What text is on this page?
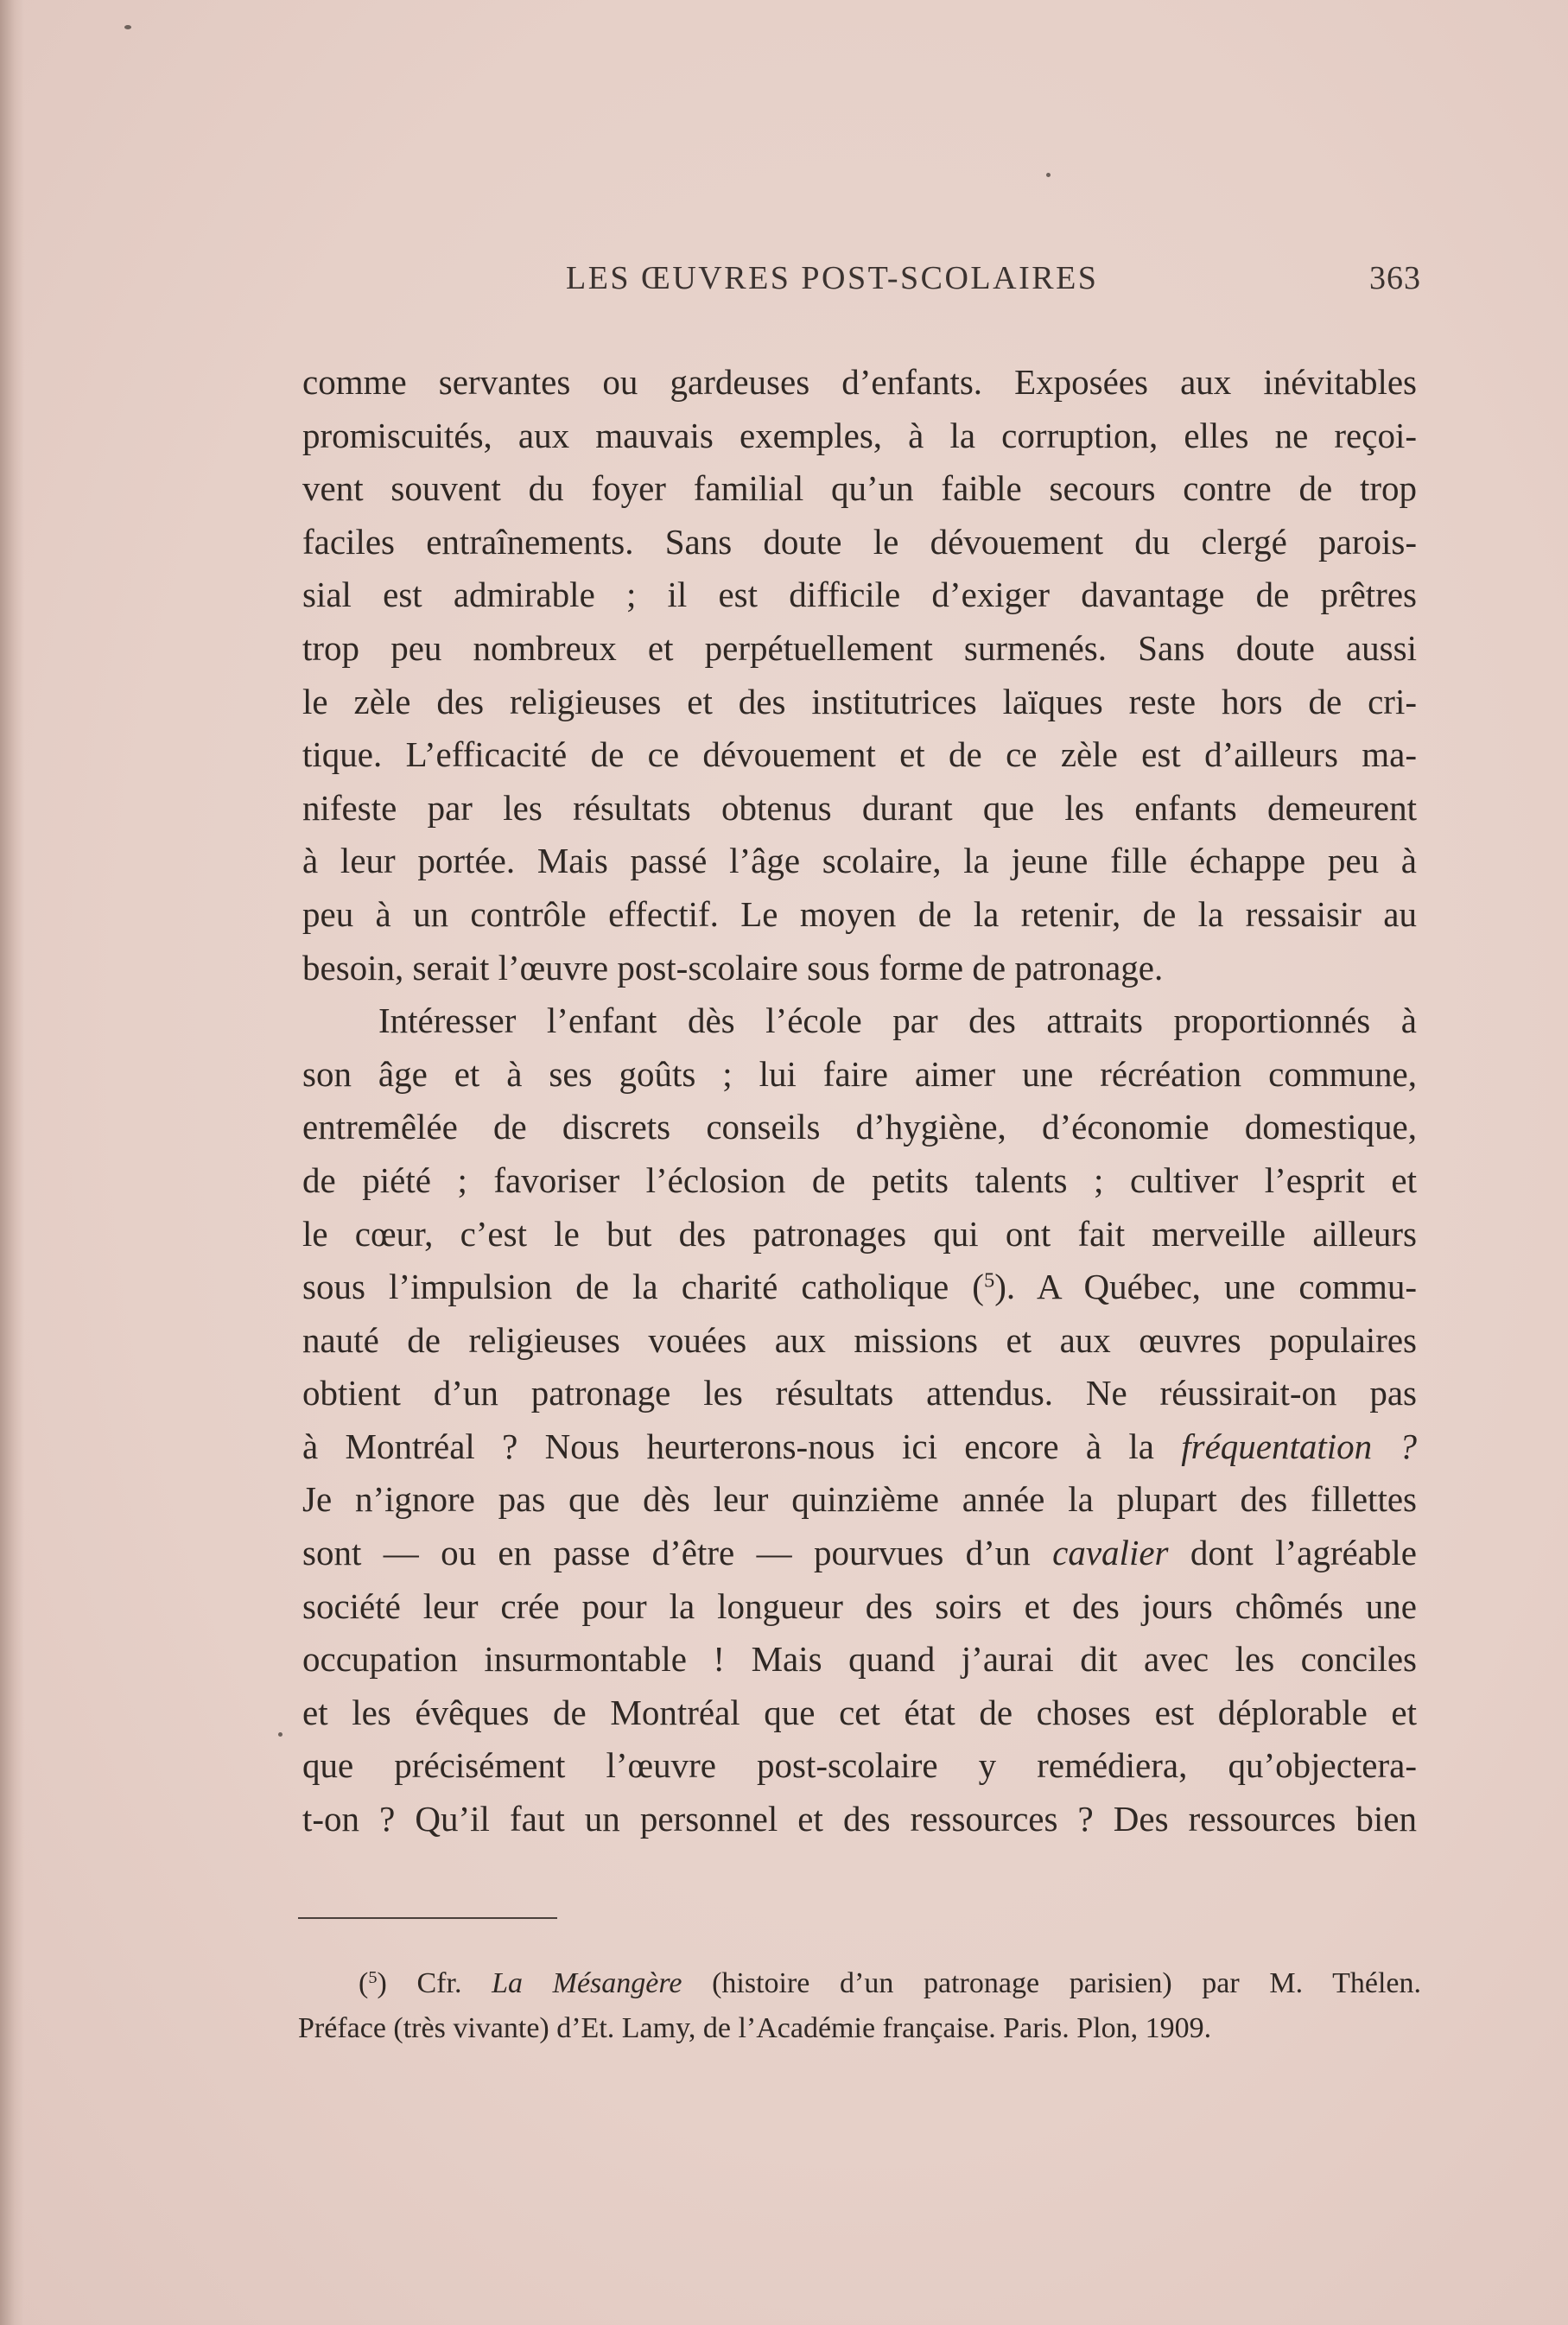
LES ŒUVRES POST-SCOLAIRES	363
comme servantes ou gardeuses d’enfants. Exposées aux inévitables
promiscuités, aux mauvais exemples, à la corruption, elles ne reçoi-
vent souvent du foyer familial qu’un faible secours contre de trop
faciles entraînements. Sans doute le dévouement du clergé parois-
sial est admirable ; il est difficile d’exiger davantage de prêtres
trop peu nombreux et perpétuellement surmenés. Sans doute aussi
le zèle des religieuses et des institutrices laïques reste hors de cri-
tique. L’efficacité de ce dévouement et de ce zèle est d’ailleurs ma-
nifeste par les résultats obtenus durant que les enfants demeurent
à leur portée. Mais passé l’âge scolaire, la jeune fille échappe peu à
peu à un contrôle effectif. Le moyen de la retenir, de la ressaisir au
besoin, serait l’œuvre post-scolaire sous forme de patronage.
Intéresser l’enfant dès l’école par des attraits proportionnés à
son âge et à ses goûts ; lui faire aimer une récréation commune,
entremêlée de discrets conseils d’hygiène, d’économie domestique,
de piété ; favoriser l’éclosion de petits talents ; cultiver l’esprit et
le cœur, c’est le but des patronages qui ont fait merveille ailleurs
sous l’impulsion de la charité catholique ($^5$). A Québec, une commu-
nauté de religieuses vouées aux missions et aux œuvres populaires
obtient d’un patronage les résultats attendus. Ne réussirait-on pas
à Montréal ? Nous heurterons-nous ici encore à la fréquentation ?
Je n’ignore pas que dès leur quinzième année la plupart des fillettes
sont — ou en passe d’être — pourvues d’un cavalier dont l’agréable
société leur crée pour la longueur des soirs et des jours chômés une
occupation insurmontable ! Mais quand j’aurai dit avec les conciles
et les évêques de Montréal que cet état de choses est déplorable et
que précisément l’œuvre post-scolaire y remédiera, qu’objectera-
t-on ? Qu’il faut un personnel et des ressources ? Des ressources bien
($^5$) Cfr. La Mésangère (histoire d’un patronage parisien) par M. Thélen.
Préface (très vivante) d’Et. Lamy, de l’Académie française. Paris. Plon, 1909.
